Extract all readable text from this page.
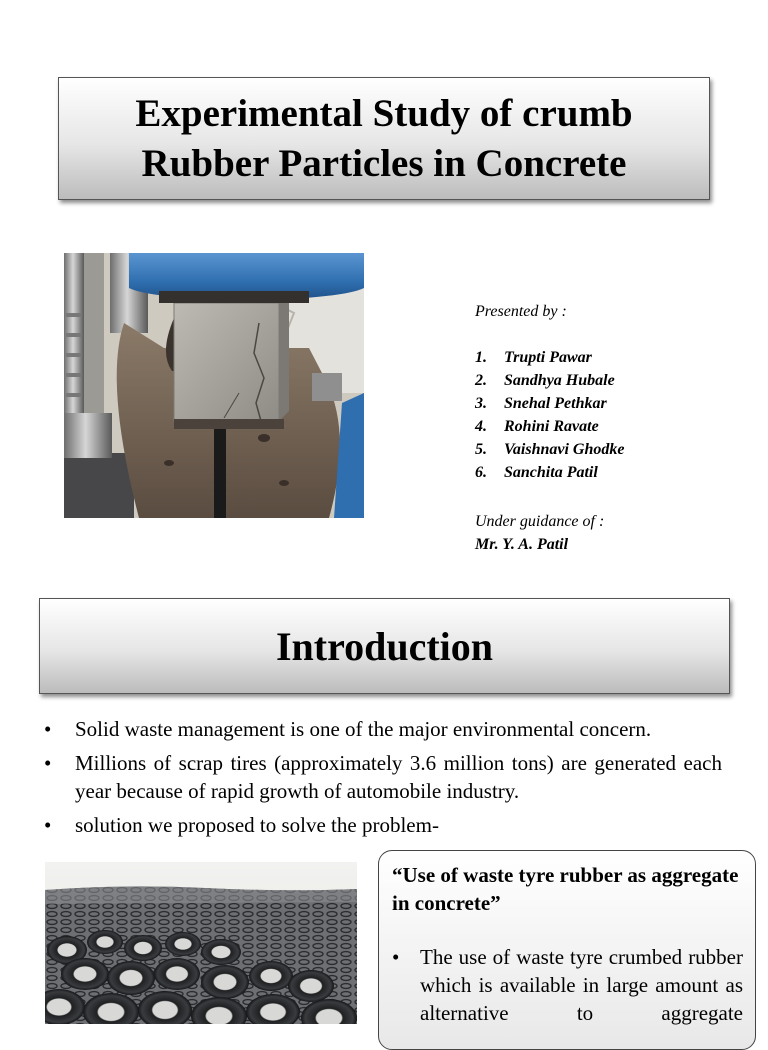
Experimental Study of crumb Rubber Particles in Concrete

Presented by :

1. Trupti Pawar
2. Sandhya Hubale
3. Snehal Pethkar
4. Rohini Ravate
5. Vaishnavi Ghodke
6. Sanchita Patil

Under guidance of :

Mr. Y. A. Patil

Introduction
• Solid waste management is one of the major environmental concern.
• Millions of scrap tires (approximately 3.6 million tons) are generated each year because of rapid growth of automobile industry.
• solution we proposed to solve the problem-

“Use of waste tyre rubber as aggregate in concrete”

• The use of waste tyre crumbed rubber which is available in large amount as alternative to aggregate
